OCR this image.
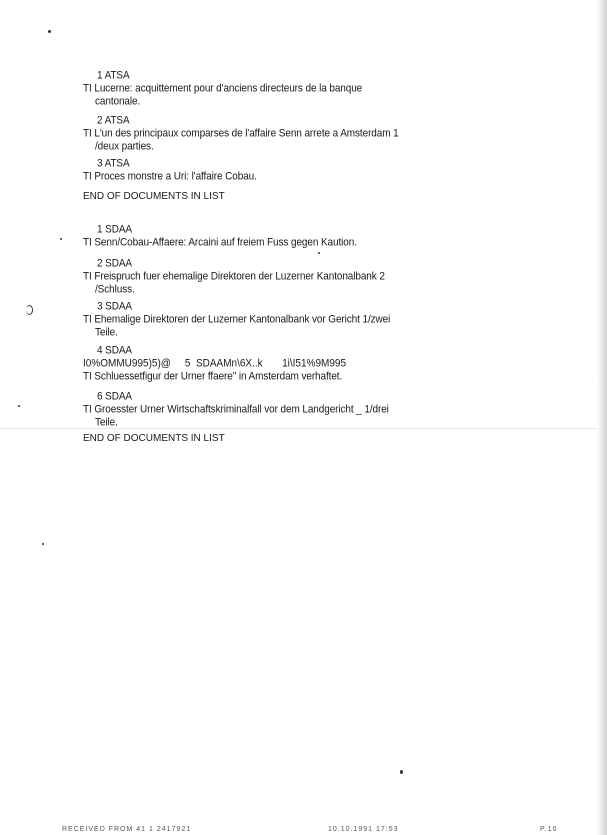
1 ATSA
TI Lucerne: acquittement pour d'anciens directeurs de la banque
cantonale.
2 ATSA
TI L'un des principaux comparses de l'affaire Senn arrete a Amsterdam 1
/deux parties.
3 ATSA
TI Proces monstre a Uri: l'affaire Cobau.
END OF DOCUMENTS IN LIST
1 SDAA
TI Senn/Cobau-Affaere: Arcaini auf freiem Fuss gegen Kaution.
2 SDAA
TI Freispruch fuer ehemalige Direktoren der Luzerner Kantonalbank 2
/Schluss.
3 SDAA
TI Ehemalige Direktoren der Luzerner Kantonalbank vor Gericht 1/zwei
Teile.
4 SDAA
I0%OMMU995)5)@     5  SDAAMn\6X..k       1i\I51%9M995
TI Schluessetfigur der Urner ffaere" in Amsterdam verhaftet.
6 SDAA
TI Groesster Urner Wirtschaftskriminalfall vor dem Landgericht _ 1/drei
Teile.
END OF DOCUMENTS IN LIST
RECEIVED FROM 41 1 2417921	10.10.1991 17:53	P.10
